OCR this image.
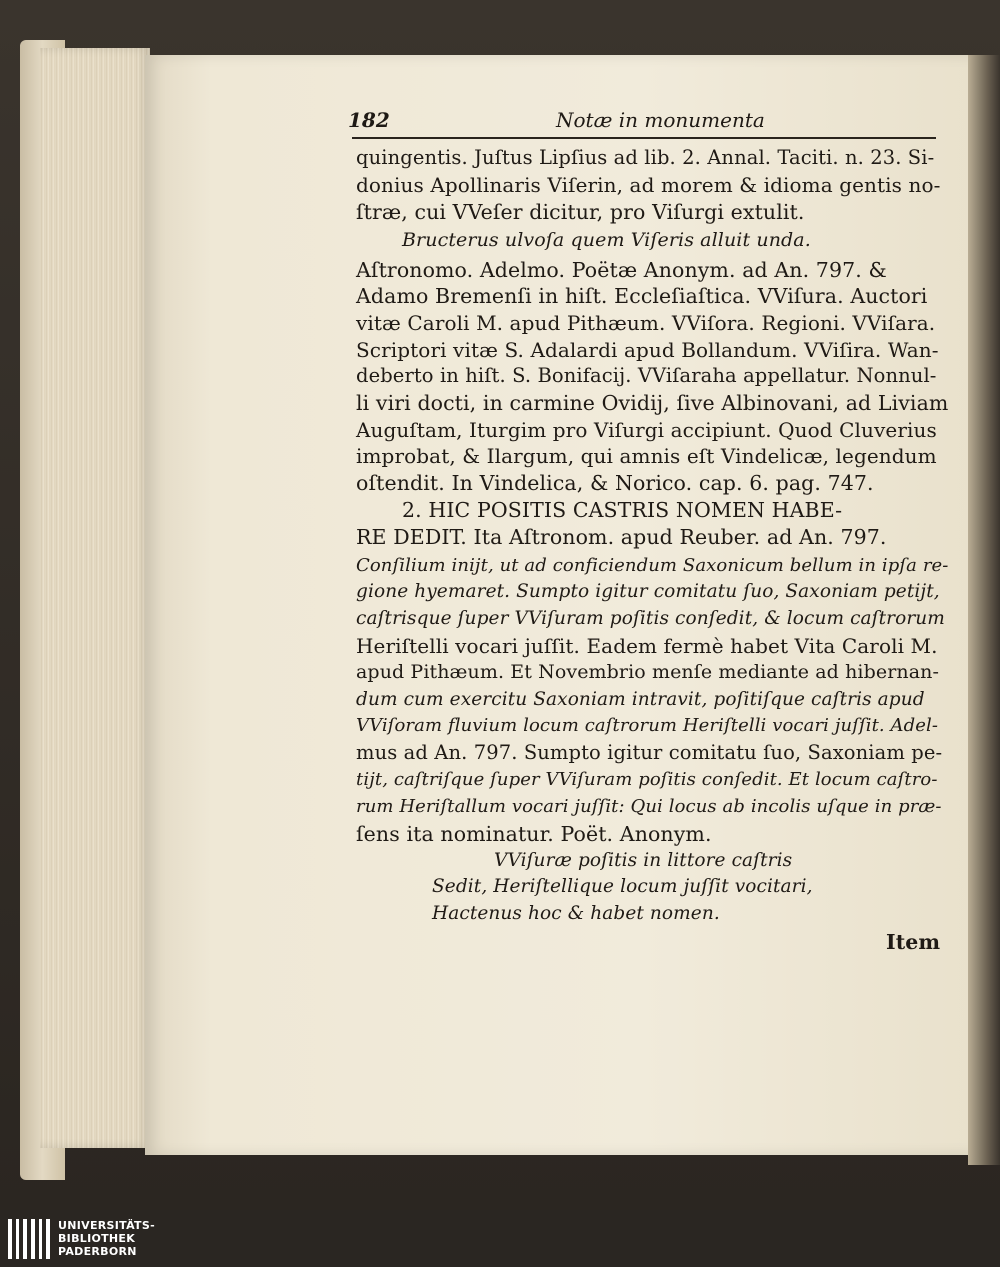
182	Notæ in monumenta
quingentis. Juſtus Lipſius ad lib. 2. Annal. Taciti. n. 23. Si-
donius Apollinaris Viſerin, ad morem & idioma gentis no-
ſtræ, cui VVeſer dicitur, pro Viſurgi extulit.
Bructerus ulvoſa quem Viſeris alluit unda.
Aſtronomo. Adelmo. Poëtæ Anonym. ad An. 797. &
Adamo Bremenſi in hiſt. Eccleſiaſtica. VViſura. Auctori
vitæ Caroli M. apud Pithæum. VViſora. Regioni. VViſara.
Scriptori vitæ S. Adalardi apud Bollandum. VViſira. Wan-
deberto in hiſt. S. Bonifacij. VViſaraha appellatur. Nonnul-
li viri docti, in carmine Ovidij, ſive Albinovani, ad Liviam
Auguſtam, Iturgim pro Viſurgi accipiunt. Quod Cluverius
improbat, & Ilargum, qui amnis eſt Vindelicæ, legendum
oſtendit. In Vindelica, & Norico. cap. 6. pag. 747.
2. HIC POSITIS CASTRIS NOMEN HABE-
RE DEDIT. Ita Aſtronom. apud Reuber. ad An. 797.
Conſilium inijt, ut ad conficiendum Saxonicum bellum in ipſa re-
gione hyemaret. Sumpto igitur comitatu ſuo, Saxoniam petijt,
caſtrisque ſuper VViſuram poſitis conſedit, & locum caſtrorum
Heriſtelli vocari juſſit. Eadem fermè habet Vita Caroli M.
apud Pithæum. Et Novembrio menſe mediante ad hibernan-
dum cum exercitu Saxoniam intravit, poſitiſque caſtris apud
VViſoram fluvium locum caſtrorum Heriſtelli vocari juſſit. Adel-
mus ad An. 797. Sumpto igitur comitatu ſuo, Saxoniam pe-
tijt, caſtriſque ſuper VViſuram poſitis conſedit. Et locum caſtro-
rum Heriſtallum vocari juſſit: Qui locus ab incolis uſque in præ-
ſens ita nominatur. Poët. Anonym.
VViſuræ poſitis in littore caſtris
Sedit, Heriſtellique locum juſſit vocitari,
Hactenus hoc & habet nomen.
Item
UNIVERSITÄTS-
BIBLIOTHEK
PADERBORN
